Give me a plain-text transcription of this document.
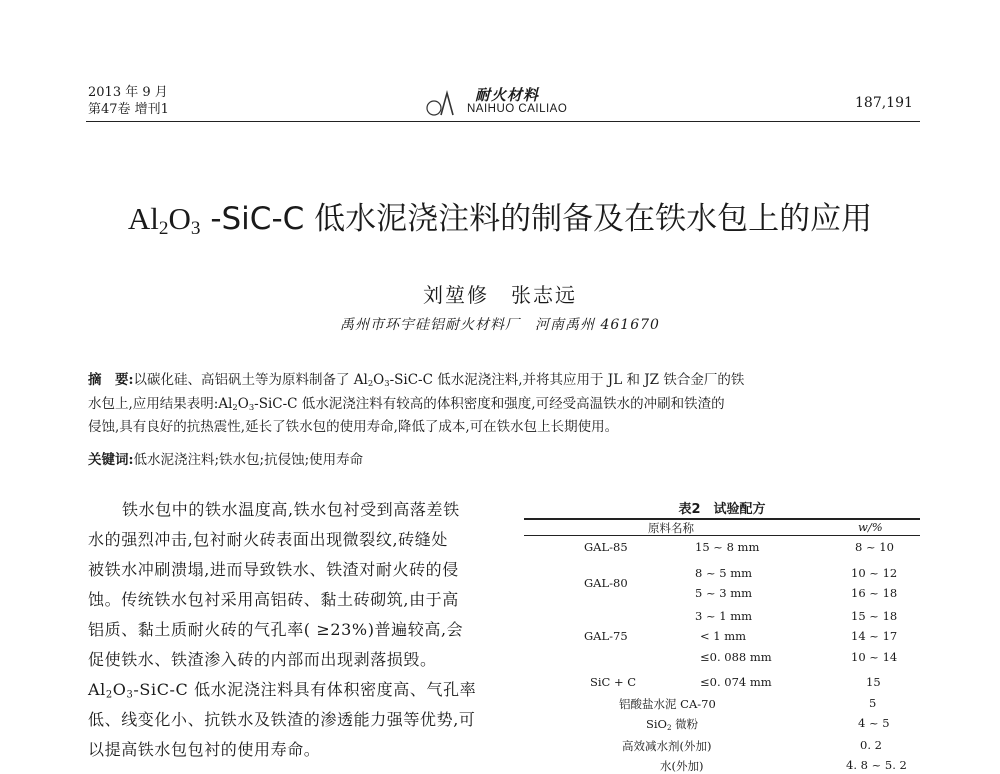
2013 年 9 月
第47卷 增刊1
耐火材料
NAIHUO CAILIAO	187,191
$Al_2O_3$ -SiC-C 低水泥浇注料的制备及在铁水包上的应用
刘堃修　张志远
禹州市环宇硅铝耐火材料厂　河南禹州 461670
摘　要:以碳化硅、高铝矾土等为原料制备了 $Al_2O_3-SiC-C$ 低水泥浇注料,并将其应用于 JL 和 JZ 铁合金厂的铁
水包上,应用结果表明$:Al_2O_3-SiC-C$ 低水泥浇注料有较高的体积密度和强度,可经受高温铁水的冲刷和铁渣的
侵蚀,具有良好的抗热震性,延长了铁水包的使用寿命,降低了成本,可在铁水包上长期使用。
关键词:低水泥浇注料;铁水包;抗侵蚀;使用寿命
铁水包中的铁水温度高,铁水包衬受到高落差铁
水的强烈冲击,包衬耐火砖表面出现微裂纹,砖缝处
被铁水冲刷溃塌,进而导致铁水、铁渣对耐火砖的侵
蚀。传统铁水包衬采用高铝砖、黏土砖砌筑,由于高
铝质、黏土质耐火砖的气孔率( ≥23%)普遍较高,会
促使铁水、铁渣渗入砖的内部而出现剥落损毁。
$Al_2O_3-SiC-C$ 低水泥浇注料具有体积密度高、气孔率
低、线变化小、抗铁水及铁渣的渗透能力强等优势,可
以提高铁水包包衬的使用寿命。
表2　试验配方
原料名称	w/%
GAL-85
GAL-80
GAL-75
SiC + C
15 ~ 8 mm
8 ~ 5 mm
5 ~ 3 mm
3 ~ 1 mm
< 1 mm
≤0. 088 mm
≤0. 074 mm
铝酸盐水泥 CA-70
SiO$_2$ 微粉
高效减水剂(外加)
水(外加)
8 ~ 10
10 ~ 12
16 ~ 18
15 ~ 18
14 ~ 17
10 ~ 14
15
5
4 ~ 5
0. 2
4. 8 ~ 5. 2
